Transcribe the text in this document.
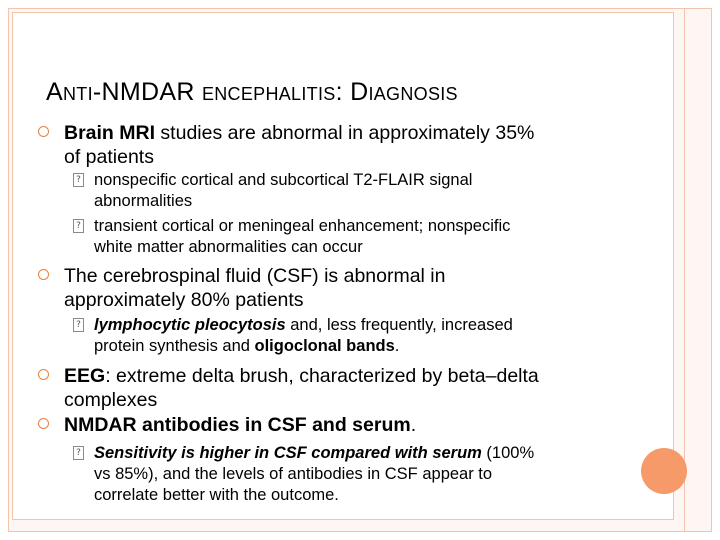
ANTI-NMDAR ENCEPHALITIS: DIAGNOSIS
Brain MRI studies are abnormal in approximately 35%
of patients
?
nonspecific cortical and subcortical T2-FLAIR signal
abnormalities
?
transient cortical or meningeal enhancement; nonspecific
white matter abnormalities can occur
The cerebrospinal fluid (CSF) is abnormal in
approximately 80% patients
?
lymphocytic pleocytosis and, less frequently, increased
protein synthesis and oligoclonal bands.
EEG: extreme delta brush, characterized by beta–delta
complexes
NMDAR antibodies in CSF and serum.
?
Sensitivity is higher in CSF compared with serum (100%
vs 85%), and the levels of antibodies in CSF appear to
correlate better with the outcome.
